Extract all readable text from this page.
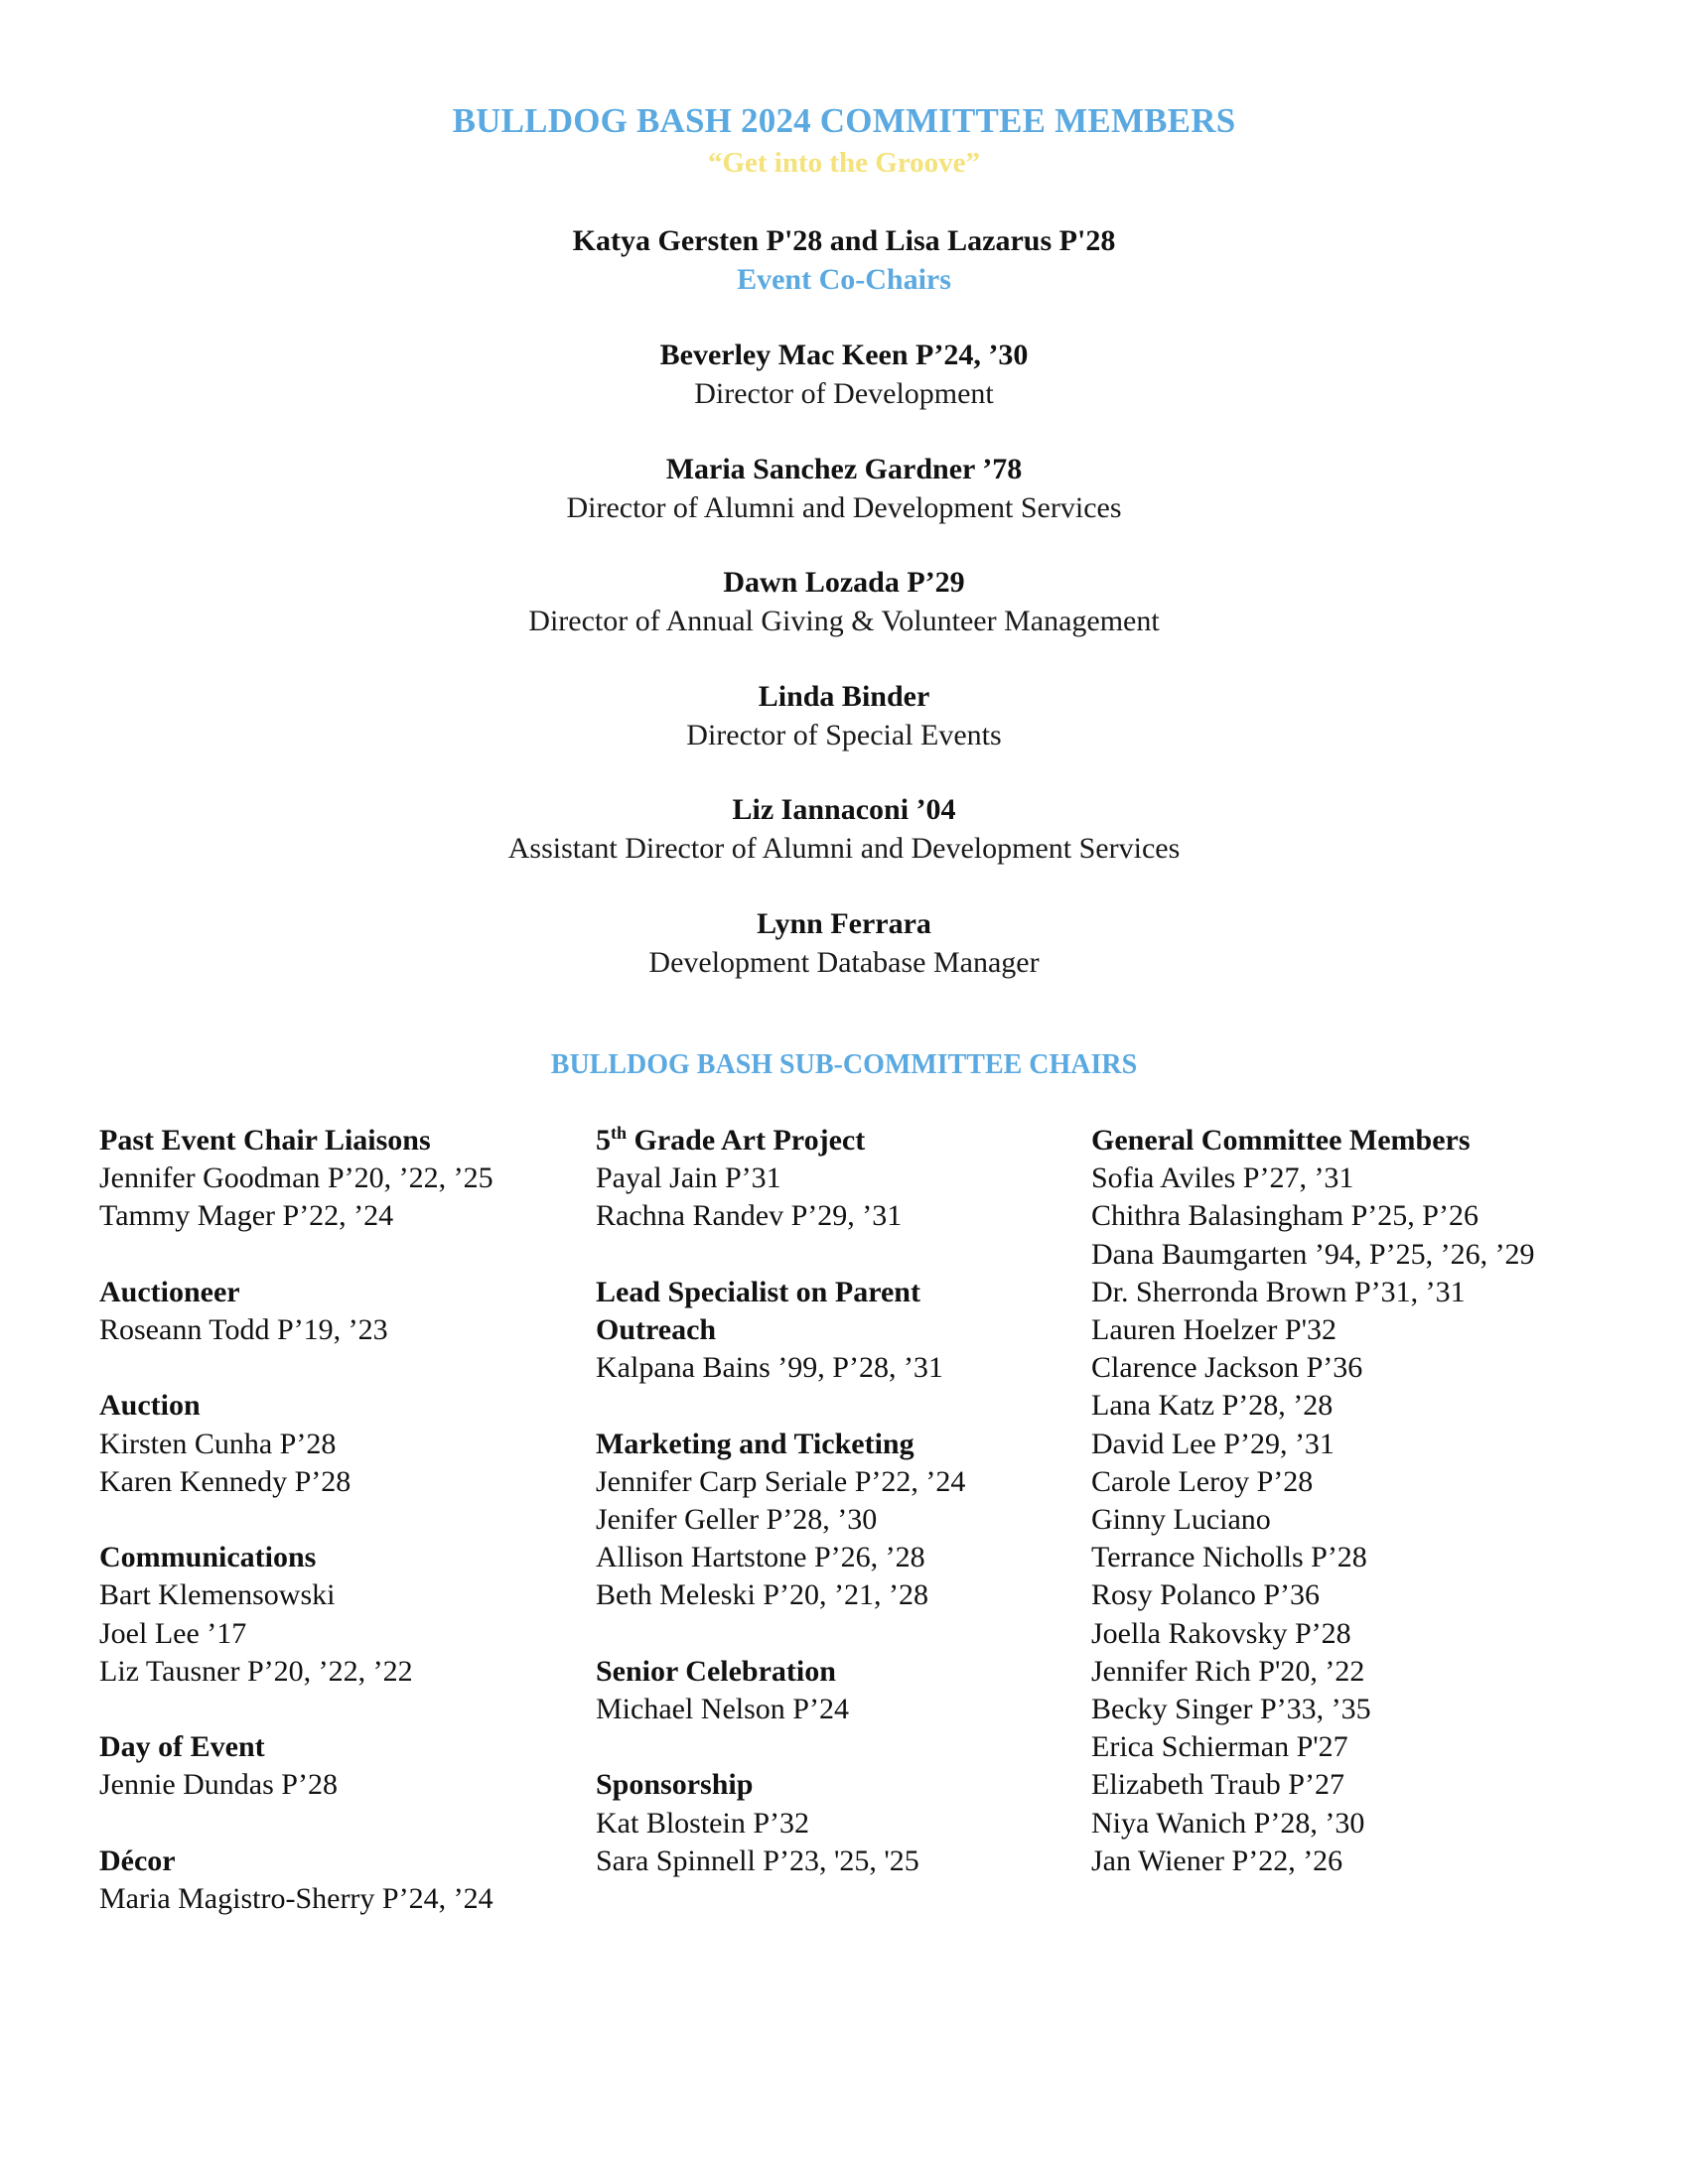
BULLDOG BASH 2024 COMMITTEE MEMBERS
“Get into the Groove”
Katya Gersten P'28 and Lisa Lazarus P'28
Event Co-Chairs
Beverley Mac Keen P’24, ’30
Director of Development
Maria Sanchez Gardner ’78
Director of Alumni and Development Services
Dawn Lozada P’29
Director of Annual Giving & Volunteer Management
Linda Binder
Director of Special Events
Liz Iannaconi ’04
Assistant Director of Alumni and Development Services
Lynn Ferrara
Development Database Manager
BULLDOG BASH SUB-COMMITTEE CHAIRS
Past Event Chair Liaisons
Jennifer Goodman P’20, ’22, ’25
Tammy Mager P’22, ’24
Auctioneer
Roseann Todd P’19, ’23
Auction
Kirsten Cunha P’28
Karen Kennedy P’28
Communications
Bart Klemensowski
Joel Lee ’17
Liz Tausner P’20, ’22, ’22
Day of Event
Jennie Dundas P’28
Décor
Maria Magistro-Sherry P’24, ’24
5th Grade Art Project
Payal Jain P’31
Rachna Randev P’29, ’31
Lead Specialist on Parent
Outreach
Kalpana Bains ’99, P’28, ’31
Marketing and Ticketing
Jennifer Carp Seriale P’22, ’24
Jenifer Geller P’28, ’30
Allison Hartstone P’26, ’28
Beth Meleski P’20, ’21, ’28
Senior Celebration
Michael Nelson P’24
Sponsorship
Kat Blostein P’32
Sara Spinnell P’23, '25, '25
General Committee Members
Sofia Aviles P’27, ’31
Chithra Balasingham P’25, P’26
Dana Baumgarten ’94, P’25, ’26, ’29
Dr. Sherronda Brown P’31, ’31
Lauren Hoelzer P'32
Clarence Jackson P’36
Lana Katz P’28, ’28
David Lee P’29, ’31
Carole Leroy P’28
Ginny Luciano
Terrance Nicholls P’28
Rosy Polanco P’36
Joella Rakovsky P’28
Jennifer Rich P'20, ’22
Becky Singer P’33, ’35
Erica Schierman P'27
Elizabeth Traub P’27
Niya Wanich P’28, ’30
Jan Wiener P’22, ’26
